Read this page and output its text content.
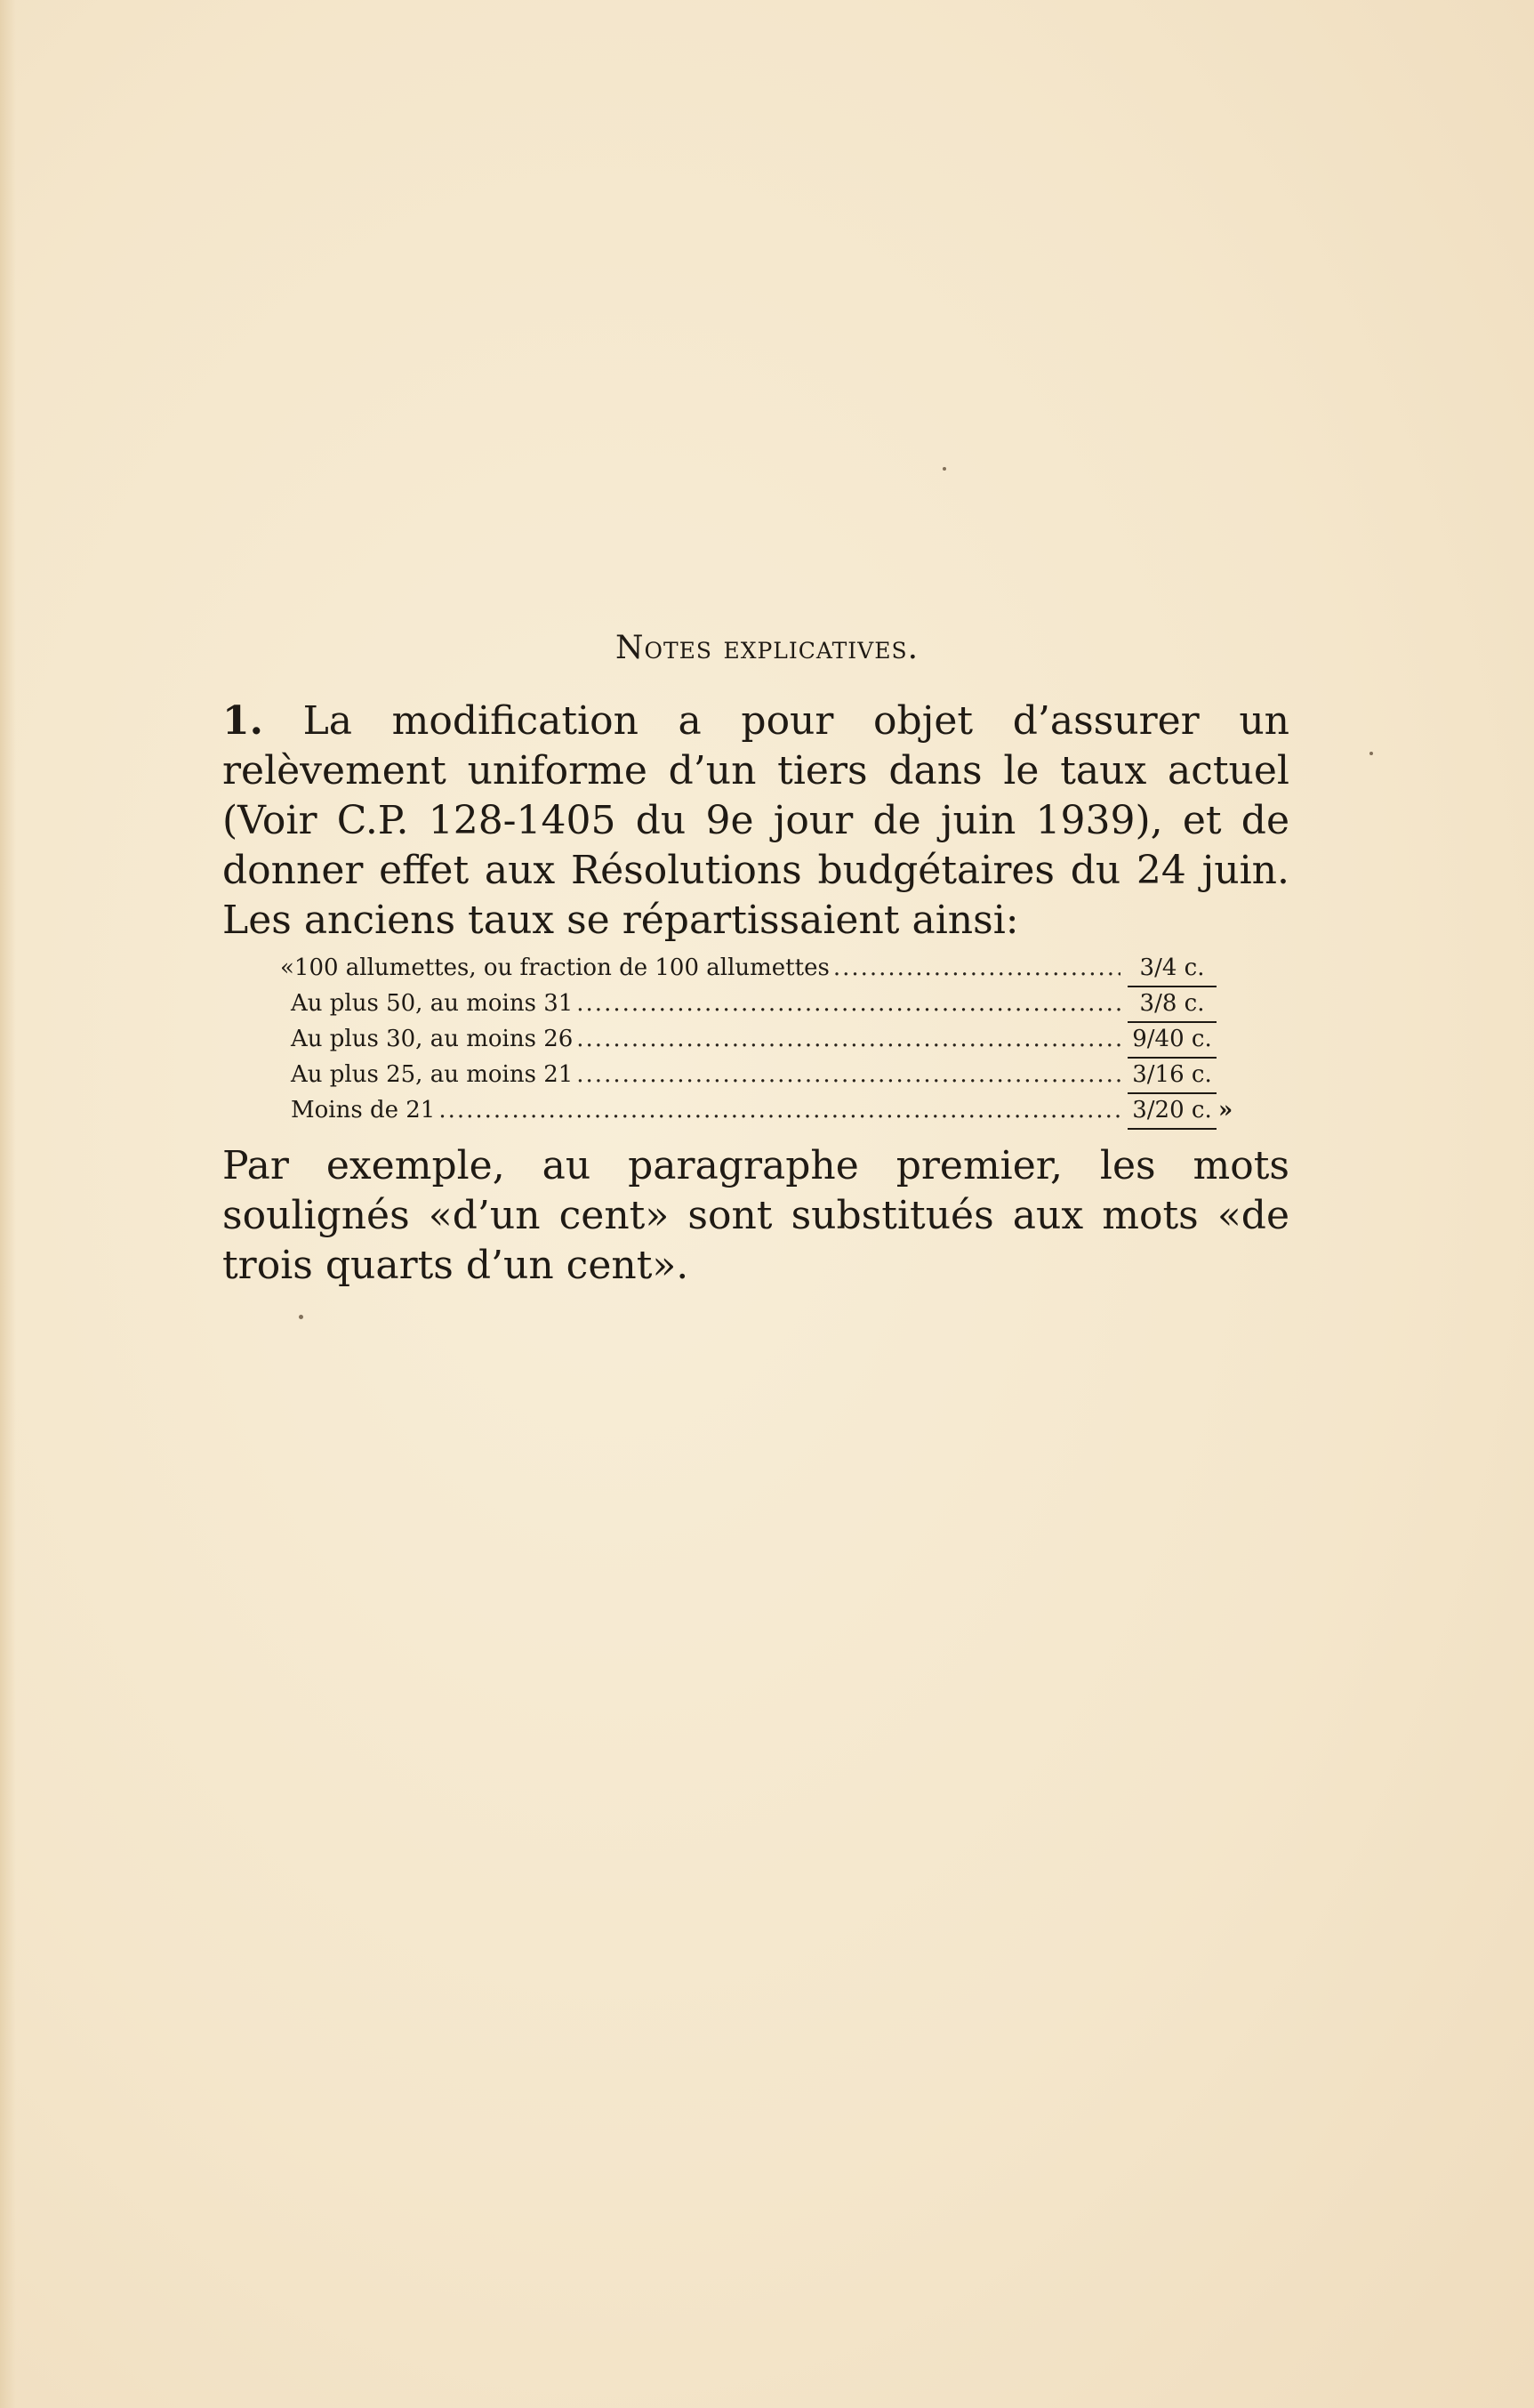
Notes explicatives.

1. La modification a pour objet d’assurer un relèvement uniforme d’un tiers dans le taux actuel (Voir C.P. 128-1405 du 9e jour de juin 1939), et de donner effet aux Résolutions budgétaires du 24 juin. Les anciens taux se répartissaient ainsi:

«100 allumettes, ou fraction de 100 allumettes .....	3/4 c.
Au plus 50, au moins 31 .....	3/8 c.
Au plus 30, au moins 26 .....	9/40 c.
Au plus 25, au moins 21 .....	3/16 c.
Moins de 21 .....	3/20 c. »

Par exemple, au paragraphe premier, les mots soulignés «d’un cent» sont substitués aux mots «de trois quarts d’un cent».
